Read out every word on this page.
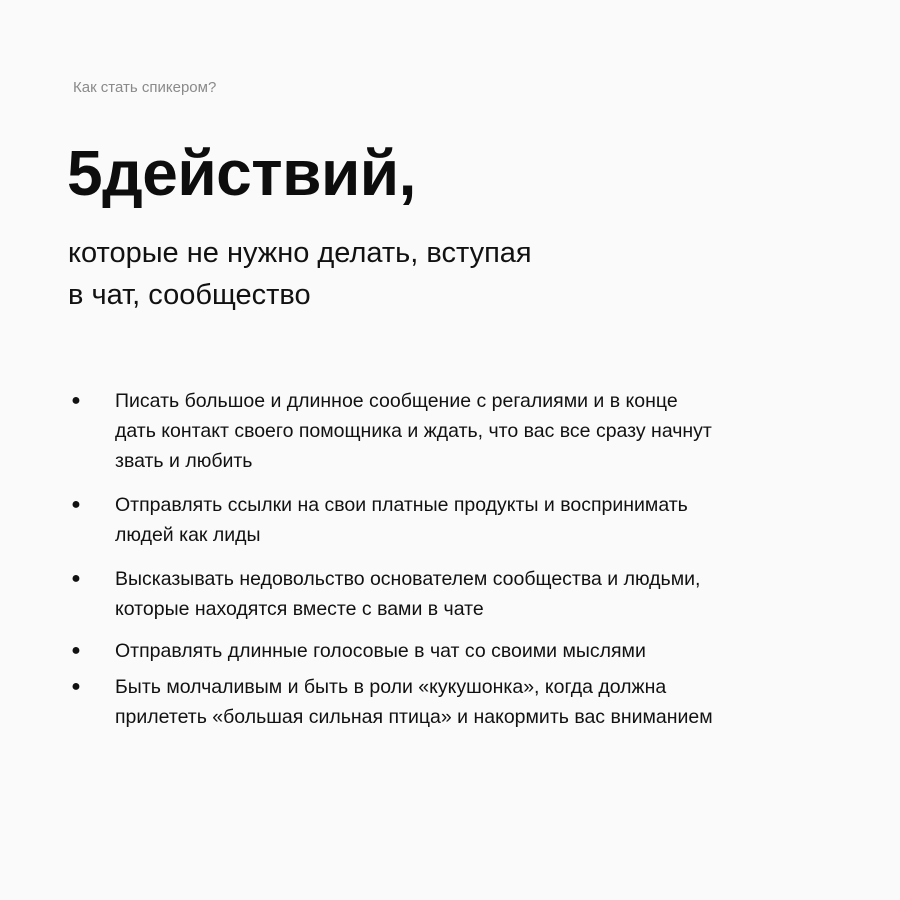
Как стать спикером?
5действий,
которые не нужно делать, вступая
в чат, сообщество
● Писать большое и длинное сообщение с регалиями и в конце
дать контакт своего помощника и ждать, что вас все сразу начнут
звать и любить
● Отправлять ссылки на свои платные продукты и воспринимать
людей как лиды
● Высказывать недовольство основателем сообщества и людьми,
которые находятся вместе с вами в чате
● Отправлять длинные голосовые в чат со своими мыслями
● Быть молчаливым и быть в роли «кукушонка», когда должна
прилететь «большая сильная птица» и накормить вас вниманием
